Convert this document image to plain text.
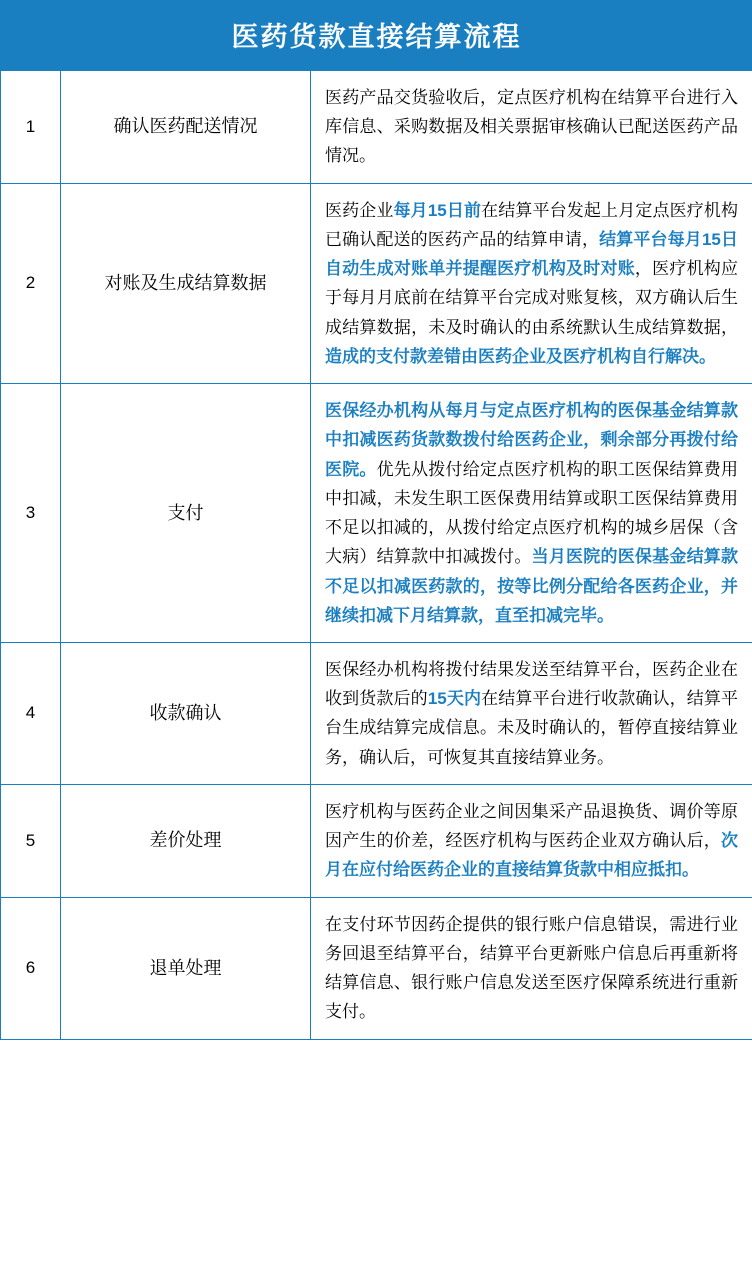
医药货款直接结算流程		
1	确认医药配送情况	医药产品交货验收后，定点医疗机构在结算平台进行入库信息、采购数据及相关票据审核确认已配送医药产品情况。

2	对账及生成结算数据	医药企业每月15日前在结算平台发起上月定点医疗机构已确认配送的医药产品的结算申请，结算平台每月15日自动生成对账单并提醒医疗机构及时对账，医疗机构应于每月月底前在结算平台完成对账复核，双方确认后生成结算数据，未及时确认的由系统默认生成结算数据，造成的支付款差错由医药企业及医疗机构自行解决。

3	支付	医保经办机构从每月与定点医疗机构的医保基金结算款中扣减医药货款数拨付给医药企业，剩余部分再拨付给医院。优先从拨付给定点医疗机构的职工医保结算费用中扣减，未发生职工医保费用结算或职工医保结算费用不足以扣减的，从拨付给定点医疗机构的城乡居保（含大病）结算款中扣减拨付。当月医院的医保基金结算款不足以扣减医药款的，按等比例分配给各医药企业，并继续扣减下月结算款，直至扣减完毕。

4	收款确认	医保经办机构将拨付结果发送至结算平台，医药企业在收到货款后的15天内在结算平台进行收款确认，结算平台生成结算完成信息。未及时确认的，暂停直接结算业务，确认后，可恢复其直接结算业务。

5	差价处理	医疗机构与医药企业之间因集采产品退换货、调价等原因产生的价差，经医疗机构与医药企业双方确认后，次月在应付给医药企业的直接结算货款中相应抵扣。

6	退单处理	在支付环节因药企提供的银行账户信息错误，需进行业务回退至结算平台，结算平台更新账户信息后再重新将结算信息、银行账户信息发送至医疗保障系统进行重新支付。
